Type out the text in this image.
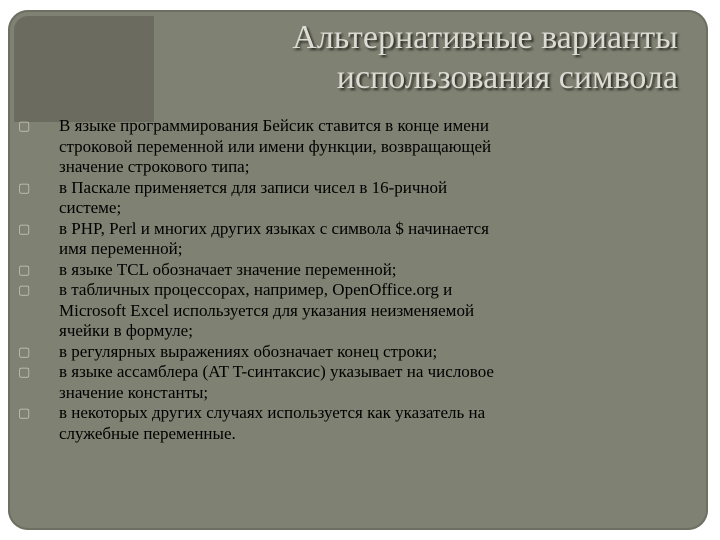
Альтернативные варианты
использования символа
▢ В языке программирования Бейсик ставится в конце имени
строковой переменной или имени функции, возвращающей
значение строкового типа;
▢ в Паскале применяется для записи чисел в 16-ричной
системе;
▢ в PHP, Perl и многих других языках с символа $ начинается
имя переменной;
▢ в языке TCL обозначает значение переменной;
▢ в табличных процессорах, например, OpenOffice.org и
Microsoft Excel используется для указания неизменяемой
ячейки в формуле;
▢ в регулярных выражениях обозначает конец строки;
▢ в языке ассамблера (AT T-синтаксис) указывает на числовое
значение константы;
▢ в некоторых других случаях используется как указатель на
служебные переменные.
